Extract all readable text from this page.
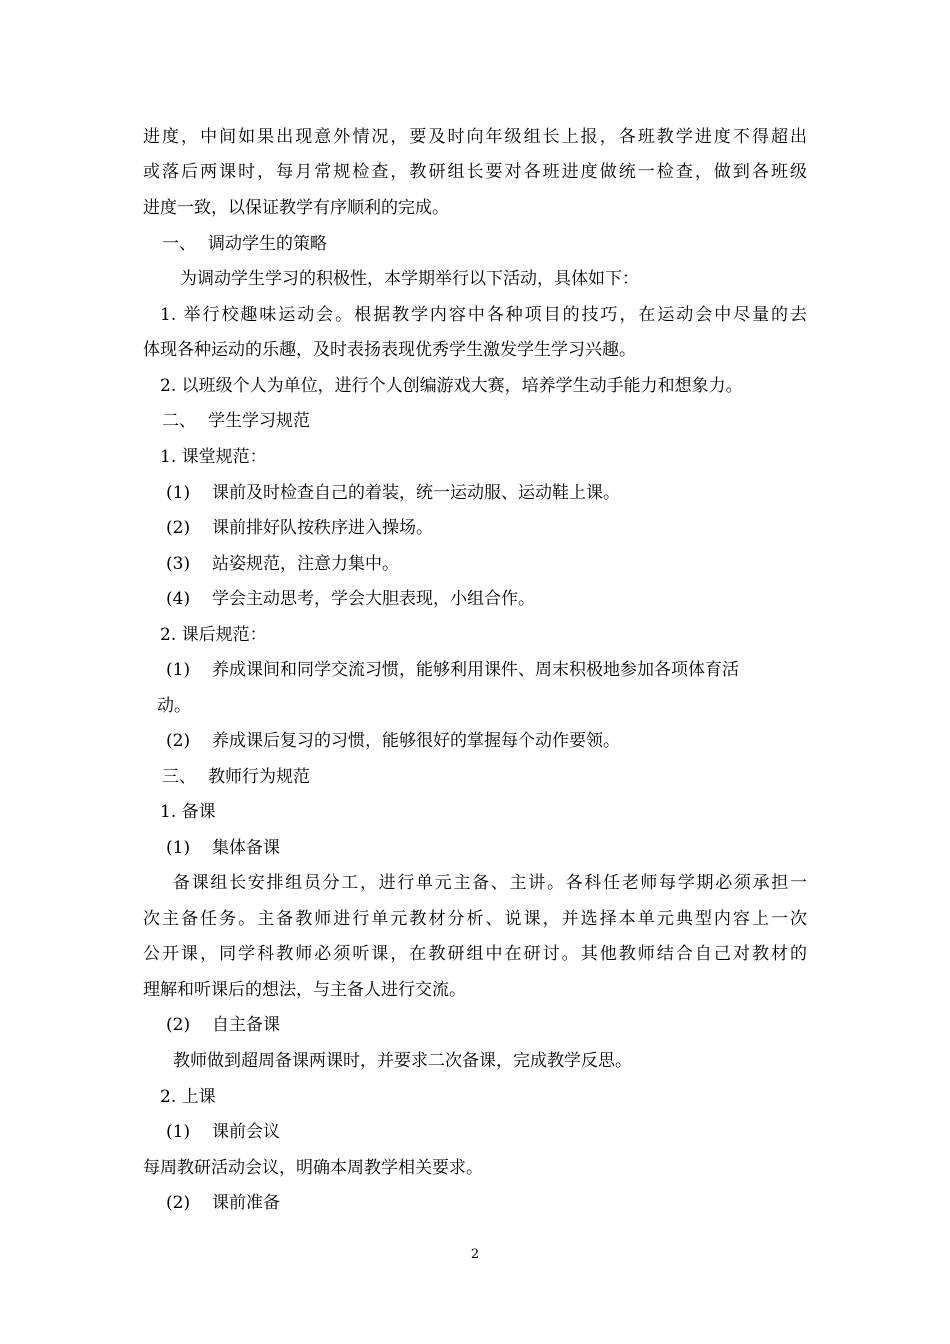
进度，中间如果出现意外情况，要及时向年级组长上报，各班教学进度不得超出
或落后两课时，每月常规检查，教研组长要对各班进度做统一检查，做到各班级
进度一致，以保证教学有序顺利的完成。
一、 调动学生的策略
为调动学生学习的积极性，本学期举行以下活动，具体如下：
1. 举行校趣味运动会。根据教学内容中各种项目的技巧，在运动会中尽量的去
体现各种运动的乐趣，及时表扬表现优秀学生激发学生学习兴趣。
2. 以班级个人为单位，进行个人创编游戏大赛，培养学生动手能力和想象力。
二、 学生学习规范
1. 课堂规范：
(1) 课前及时检查自己的着装，统一运动服、运动鞋上课。
(2) 课前排好队按秩序进入操场。
(3) 站姿规范，注意力集中。
(4) 学会主动思考，学会大胆表现，小组合作。
2. 课后规范：
(1) 养成课间和同学交流习惯，能够利用课件、周末积极地参加各项体育活
动。
(2) 养成课后复习的习惯，能够很好的掌握每个动作要领。
三、 教师行为规范
1. 备课
(1) 集体备课
备课组长安排组员分工，进行单元主备、主讲。各科任老师每学期必须承担一
次主备任务。主备教师进行单元教材分析、说课，并选择本单元典型内容上一次
公开课，同学科教师必须听课，在教研组中在研讨。其他教师结合自己对教材的
理解和听课后的想法，与主备人进行交流。
(2) 自主备课
教师做到超周备课两课时，并要求二次备课，完成教学反思。
2. 上课
(1) 课前会议
每周教研活动会议，明确本周教学相关要求。
(2) 课前准备
2
